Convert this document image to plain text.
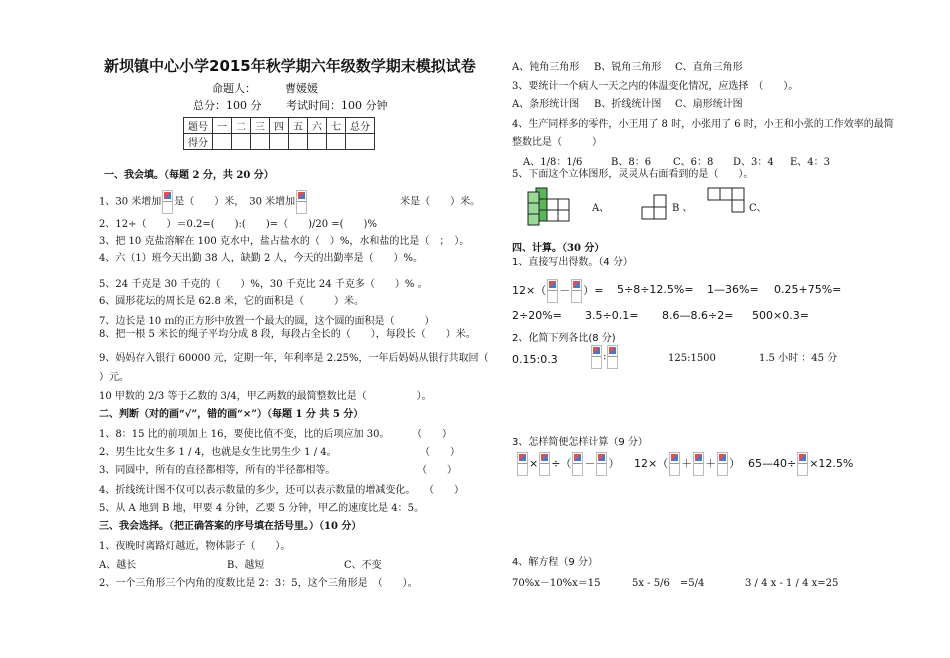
新坝镇中心小学2015年秋学期六年级数学期末模拟试卷
命题人：	曹媛媛
总分：100 分 考试时间：100 分钟
题号	一	二	三	四	五	六	七	总分
得分								
一、我会填。（每题 2 分，共 20 分）
1、30 米增加 是（　　）米，　30 米增加	米是（　　）米。
2、12÷（　　）＝0.2=(　　):(　　)=（　　)/20 =(　　)%
3、把 10 克盐溶解在 100 克水中，盐占盐水的（　）%，水和盐的比是（　；　）。
4、六（1）班今天出勤 38 人，缺勤 2 人，今天的出勤率是（　　）%。
5、24 千克是 30 千克的（　　）%，30 千克比 24 千克多（　　）% 。
6、圆形花坛的周长是 62.8 米，它的面积是（　　　）米。
7、边长是 10 ｍ的正方形中放置一个最大的圆，这个圆的面积是（　　　）
8、把一根 5 米长的绳子平均分成 8 段，每段占全长的（　　），每段长（　　）米。
9、妈妈存入银行 60000 元，定期一年，年利率是 2.25%，一年后妈妈从银行共取回（
）元。
10 甲数的 2/3 等于乙数的 3/4，甲乙两数的最简整数比是（　　　　　）。
二、判断（对的画“√”，错的画“×”）（每题 1 分 共 5 分）
1、8：15 比的前项加上 16，要使比值不变，比的后项应加 30。 （　　）
2、男生比女生多 1 / 4，也就是女生比男生少 1 / 4。	（　　）
3、同圆中，所有的直径都相等，所有的半径都相等。	（　　）
4、折线统计图不仅可以表示数量的多少，还可以表示数量的增减变化。 （　　）
5、从 A 地到 B 地，甲要 4 分钟，乙要 5 分钟，甲乙的速度比是 4：5。
三、我会选择。（把正确答案的序号填在括号里。）（10 分）
1、夜晚时离路灯越近，物体影子（　　）。
A、越长	B、越短	C、不变
2、一个三角形三个内角的度数比是 2：3：5，这个三角形是　（　　）。
A、钝角三角形 B、锐角三角形 C、直角三角形
3、要统计一个病人一天之内的体温变化情况，应选择　（　　）。
A、条形统计图 B、折线统计图 C、扇形统计图
4、生产同样多的零件，小王用了 8 时，小张用了 6 时，小王和小张的工作效率的最简
整数比是（　　　）
A、1/8：1/6	B、8：6 C、6：8 D、3：4 E、4：3
5、下面这个立体图形，灵灵从右面看到的是（　　）。
A、	B 、	C、
四、计算。（30 分）
1、直接写出得数。（4 分）
12×（ － ）= 5÷8÷12.5%= 1—36%= 0.25+75%=
2÷20%= 3.5÷0.1= 8.6—8.6÷2= 500×0.3=
2、化简下列各比(8 分)
0.15:0.3	:	125:1500	1.5 小时 ：45 分
3、怎样简便怎样计算（9 分）
× ÷（ － ） 12×（ ＋ ＋ ） 65—40÷ ×12.5%
4、解方程（9 分）
70%x－10%x＝15	5x - 5/6　=5/4	3 / 4 x - 1 / 4 x=25
